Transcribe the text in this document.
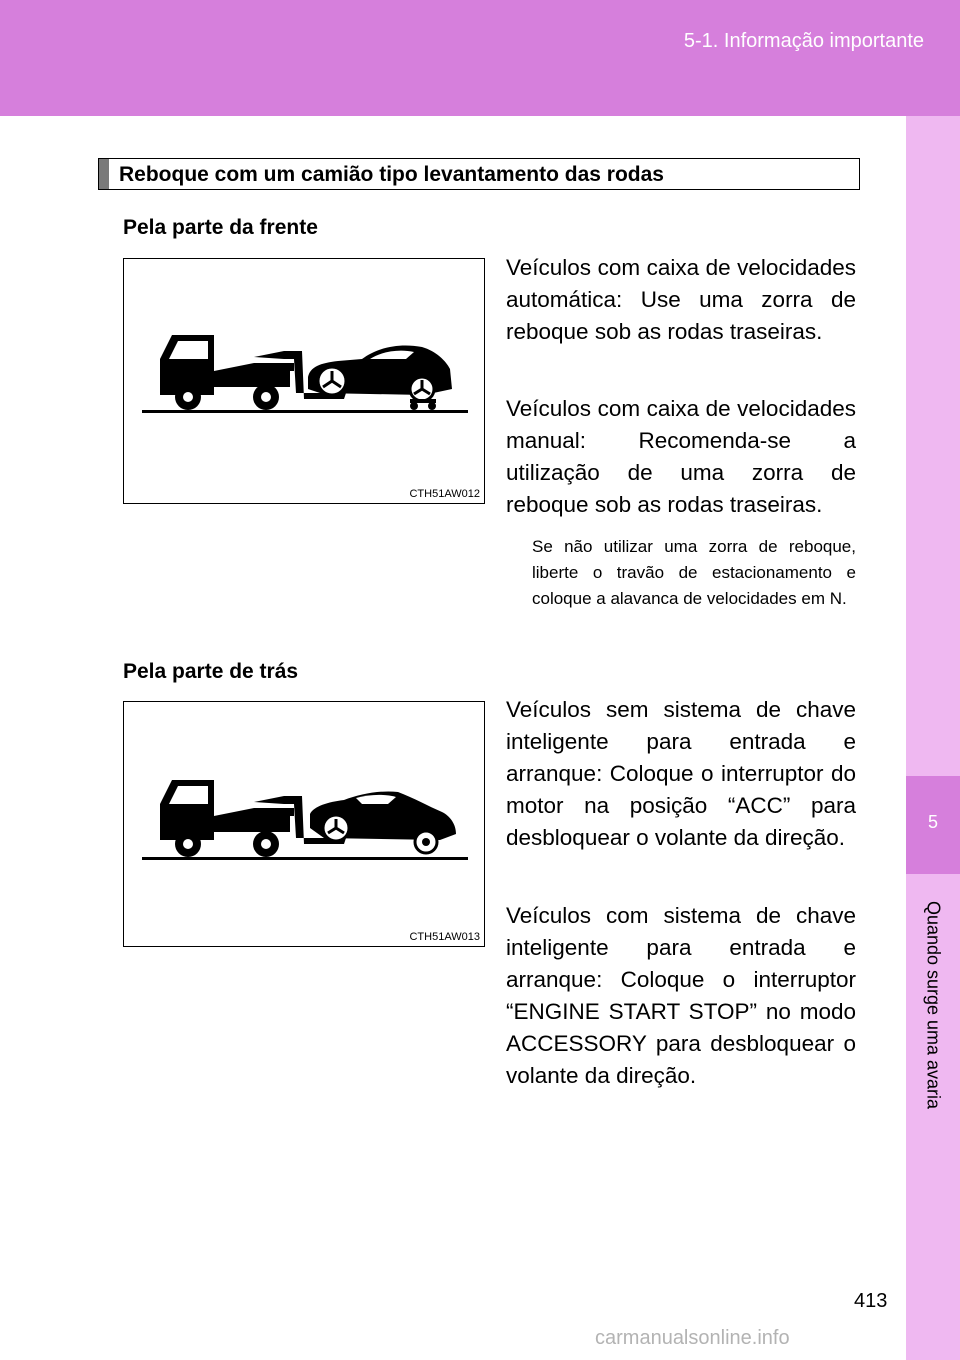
5-1. Informação importante
5
Quando surge uma avaria
Reboque com um camião tipo levantamento das rodas
Pela parte da frente
CTH51AW012
Veículos com caixa de velocidades automática: Use uma zorra de reboque sob as rodas traseiras.
Veículos com caixa de velocidades manual: Recomenda-se a utilização de uma zorra de reboque sob as rodas traseiras.
Se não utilizar uma zorra de reboque, liberte o travão de estacionamento e coloque a alavanca de velocidades em N.
Pela parte de trás
CTH51AW013
Veículos sem sistema de chave inteligente para entrada e arranque: Coloque o interruptor do motor na posição “ACC” para desbloquear o volante da direção.
Veículos com sistema de chave inteligente para entrada e arranque: Coloque o interruptor “ENGINE START STOP” no modo ACCESSORY para desbloquear o volante da direção.
413
carmanualsonline.info
